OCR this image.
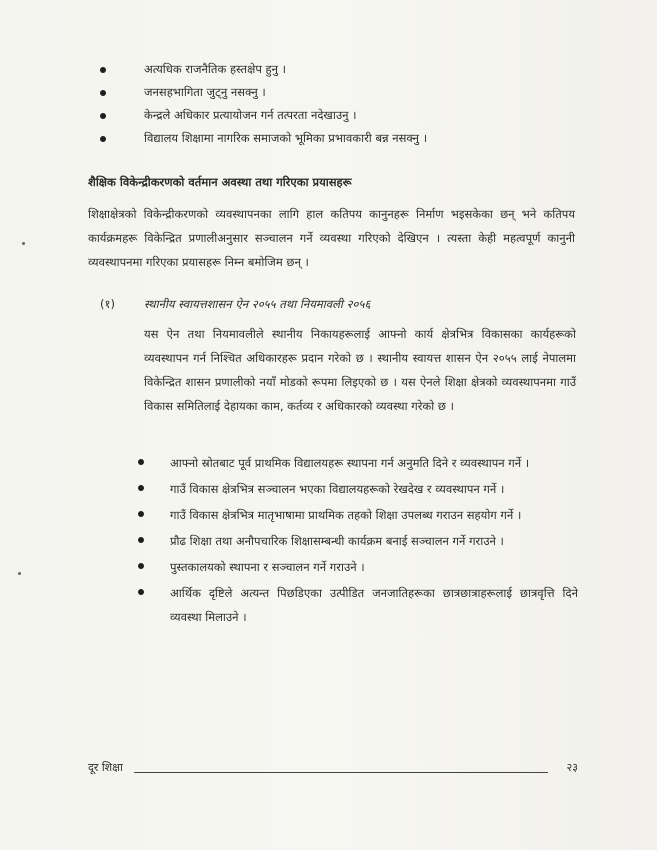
अत्यधिक राजनैतिक हस्तक्षेप हुनु ।
जनसहभागिता जुट्नु नसक्नु ।
केन्द्रले अधिकार प्रत्यायोजन गर्न तत्परता नदेखाउनु ।
विद्यालय शिक्षामा नागरिक समाजको भूमिका प्रभावकारी बन्न नसक्नु ।
शैक्षिक विकेन्द्रीकरणको वर्तमान अवस्था तथा गरिएका प्रयासहरू
शिक्षाक्षेत्रको विकेन्द्रीकरणको व्यवस्थापनका लागि हाल कतिपय कानुनहरू निर्माण भइसकेका छन् भने कतिपय कार्यक्रमहरू विकेन्द्रित प्रणालीअनुसार सञ्चालन गर्ने व्यवस्था गरिएको देखिएन । त्यस्ता केही महत्वपूर्ण कानुनी व्यवस्थापनमा गरिएका प्रयासहरू निम्न बमोजिम छन् ।
(१)	स्थानीय स्वायत्तशासन ऐन २०५५ तथा नियमावली २०५६
यस ऐन तथा नियमावलीले स्थानीय निकायहरूलाई आफ्नो कार्य क्षेत्रभित्र विकासका कार्यहरूको व्यवस्थापन गर्न निश्चित अधिकारहरू प्रदान गरेको छ । स्थानीय स्वायत्त शासन ऐन २०५५ लाई नेपालमा विकेन्द्रित शासन प्रणालीको नयाँ मोडको रूपमा लिइएको छ । यस ऐनले शिक्षा क्षेत्रको व्यवस्थापनमा गाउँ विकास समितिलाई देहायका काम, कर्तव्य र अधिकारको व्यवस्था गरेको छ ।
आफ्नो स्रोतबाट पूर्व प्राथमिक विद्यालयहरू स्थापना गर्न अनुमति दिने र व्यवस्थापन गर्ने ।
गाउँ विकास क्षेत्रभित्र सञ्चालन भएका विद्यालयहरूको रेखदेख र व्यवस्थापन गर्ने ।
गाउँ विकास क्षेत्रभित्र मातृभाषामा प्राथमिक तहको शिक्षा उपलब्ध गराउन सहयोग गर्ने ।
प्रौढ शिक्षा तथा अनौपचारिक शिक्षासम्बन्धी कार्यक्रम बनाई सञ्चालन गर्ने गराउने ।
पुस्तकालयको स्थापना र सञ्चालन गर्ने गराउने ।
आर्थिक दृष्टिले अत्यन्त पिछडिएका उत्पीडित जनजातिहरूका छात्रछात्राहरूलाई छात्रवृत्ति दिने व्यवस्था मिलाउने ।
दूर शिक्षा	२३
